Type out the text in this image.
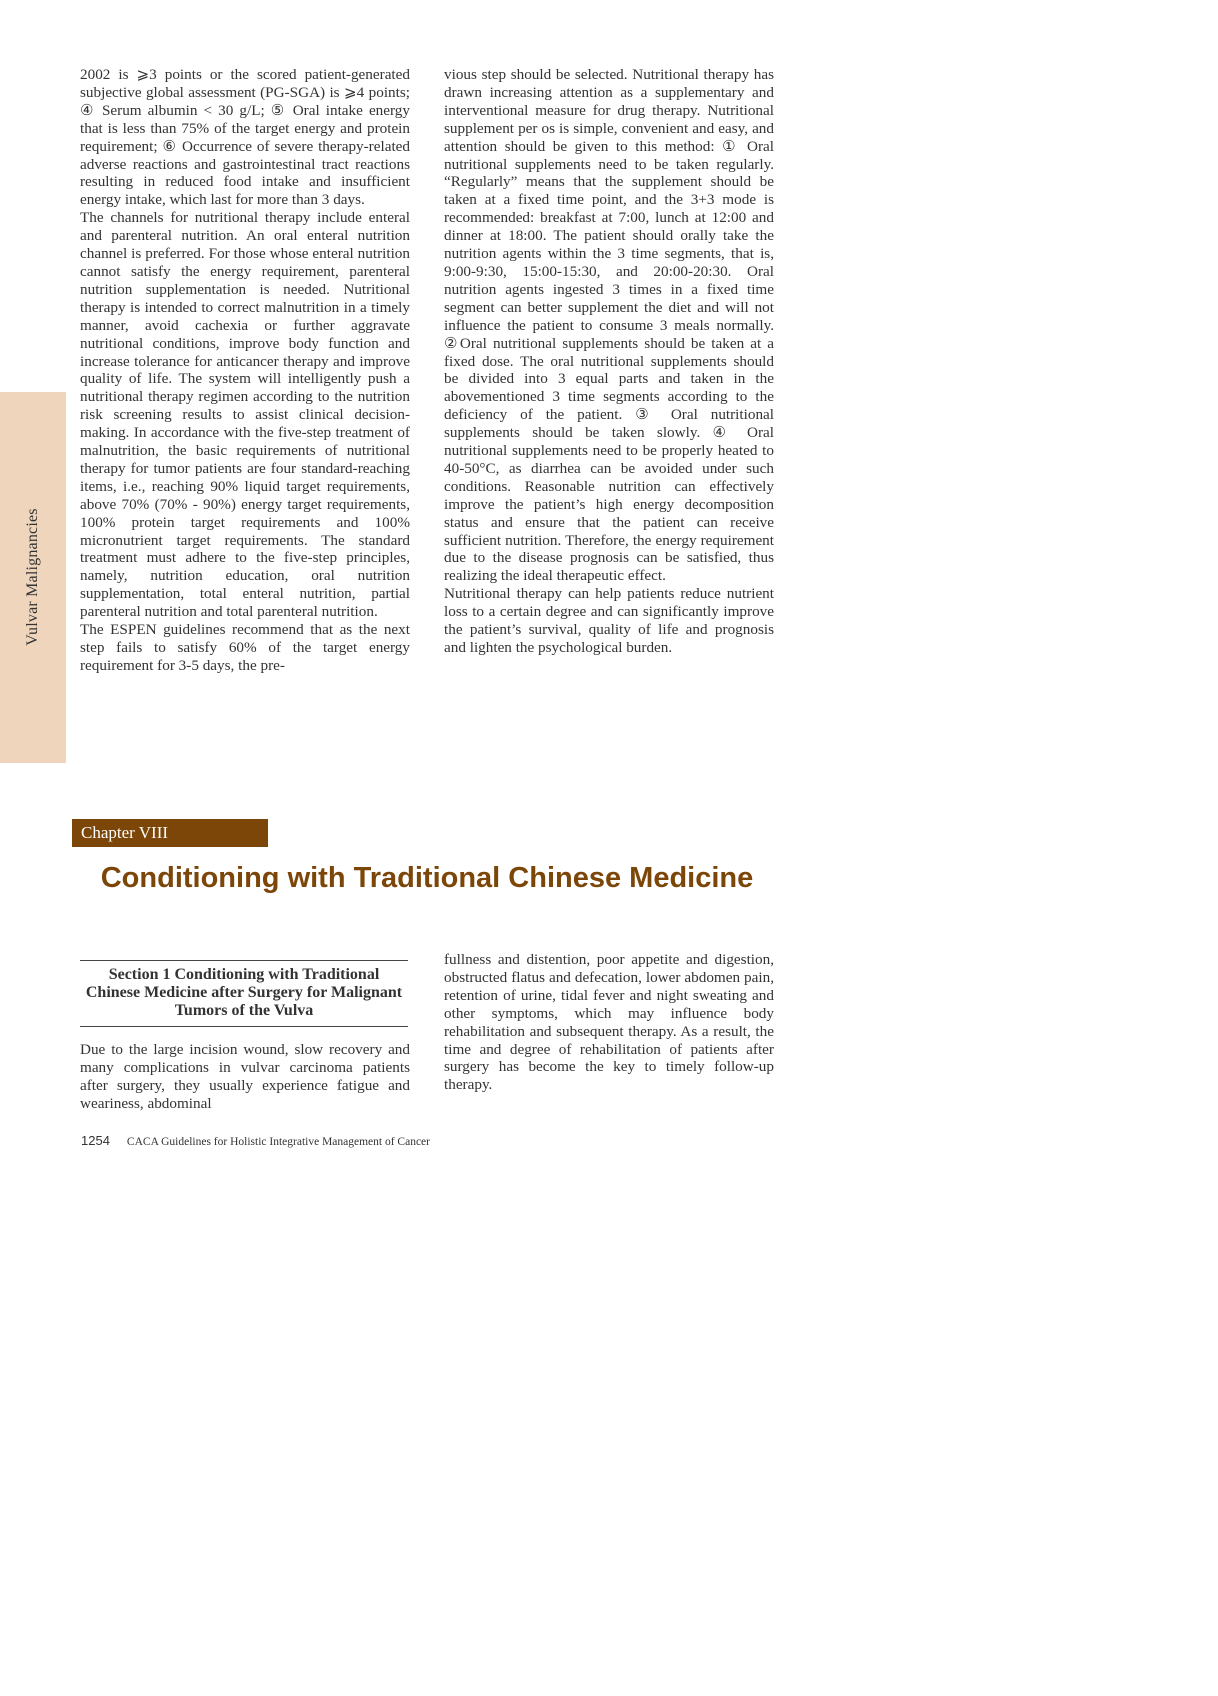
Vulvar Malignancies

2002 is ⩾3 points or the scored patient-generated subjective global assessment (PG-SGA) is ⩾4 points; ④ Serum albumin < 30 g/L; ⑤ Oral intake energy that is less than 75% of the target energy and protein requirement; ⑥ Occurrence of severe therapy-related adverse reactions and gastrointestinal tract reactions resulting in reduced food intake and insufficient energy intake, which last for more than 3 days.

The channels for nutritional therapy include enteral and parenteral nutrition. An oral enteral nutrition channel is preferred. For those whose enteral nutrition cannot satisfy the energy requirement, parenteral nutrition supplementation is needed. Nutritional therapy is intended to correct malnutrition in a timely manner, avoid cachexia or further aggravate nutritional conditions, improve body function and increase tolerance for anticancer therapy and improve quality of life. The system will intelligently push a nutritional therapy regimen according to the nutrition risk screening results to assist clinical decision-making. In accordance with the five-step treatment of malnutrition, the basic requirements of nutritional therapy for tumor patients are four standard-reaching items, i.e., reaching 90% liquid target requirements, above 70% (70% - 90%) energy target requirements, 100% protein target requirements and 100% micronutrient target requirements. The standard treatment must adhere to the five-step principles, namely, nutrition education, oral nutrition supplementation, total enteral nutrition, partial parenteral nutrition and total parenteral nutrition.

The ESPEN guidelines recommend that as the next step fails to satisfy 60% of the target energy requirement for 3-5 days, the pre-

vious step should be selected. Nutritional therapy has drawn increasing attention as a supplementary and interventional measure for drug therapy. Nutritional supplement per os is simple, convenient and easy, and attention should be given to this method: ① Oral nutritional supplements need to be taken regularly. “Regularly” means that the supplement should be taken at a fixed time point, and the 3+3 mode is recommended: breakfast at 7:00, lunch at 12:00 and dinner at 18:00. The patient should orally take the nutrition agents within the 3 time segments, that is, 9:00-9:30, 15:00-15:30, and 20:00-20:30. Oral nutrition agents ingested 3 times in a fixed time segment can better supplement the diet and will not influence the patient to consume 3 meals normally. ②Oral nutritional supplements should be taken at a fixed dose. The oral nutritional supplements should be divided into 3 equal parts and taken in the abovementioned 3 time segments according to the deficiency of the patient. ③ Oral nutritional supplements should be taken slowly. ④ Oral nutritional supplements need to be properly heated to 40-50°C, as diarrhea can be avoided under such conditions. Reasonable nutrition can effectively improve the patient’s high energy decomposition status and ensure that the patient can receive sufficient nutrition. Therefore, the energy requirement due to the disease prognosis can be satisfied, thus realizing the ideal therapeutic effect.

Nutritional therapy can help patients reduce nutrient loss to a certain degree and can significantly improve the patient’s survival, quality of life and prognosis and lighten the psychological burden.

Chapter VIII
Conditioning with Traditional Chinese Medicine
Section 1 Conditioning with Traditional Chinese Medicine after Surgery for Malignant Tumors of the Vulva

Due to the large incision wound, slow recovery and many complications in vulvar carcinoma patients after surgery, they usually experience fatigue and weariness, abdominal

fullness and distention, poor appetite and digestion, obstructed flatus and defecation, lower abdomen pain, retention of urine, tidal fever and night sweating and other symptoms, which may influence body rehabilitation and subsequent therapy. As a result, the time and degree of rehabilitation of patients after surgery has become the key to timely follow-up therapy.

1254 CACA Guidelines for Holistic Integrative Management of Cancer
